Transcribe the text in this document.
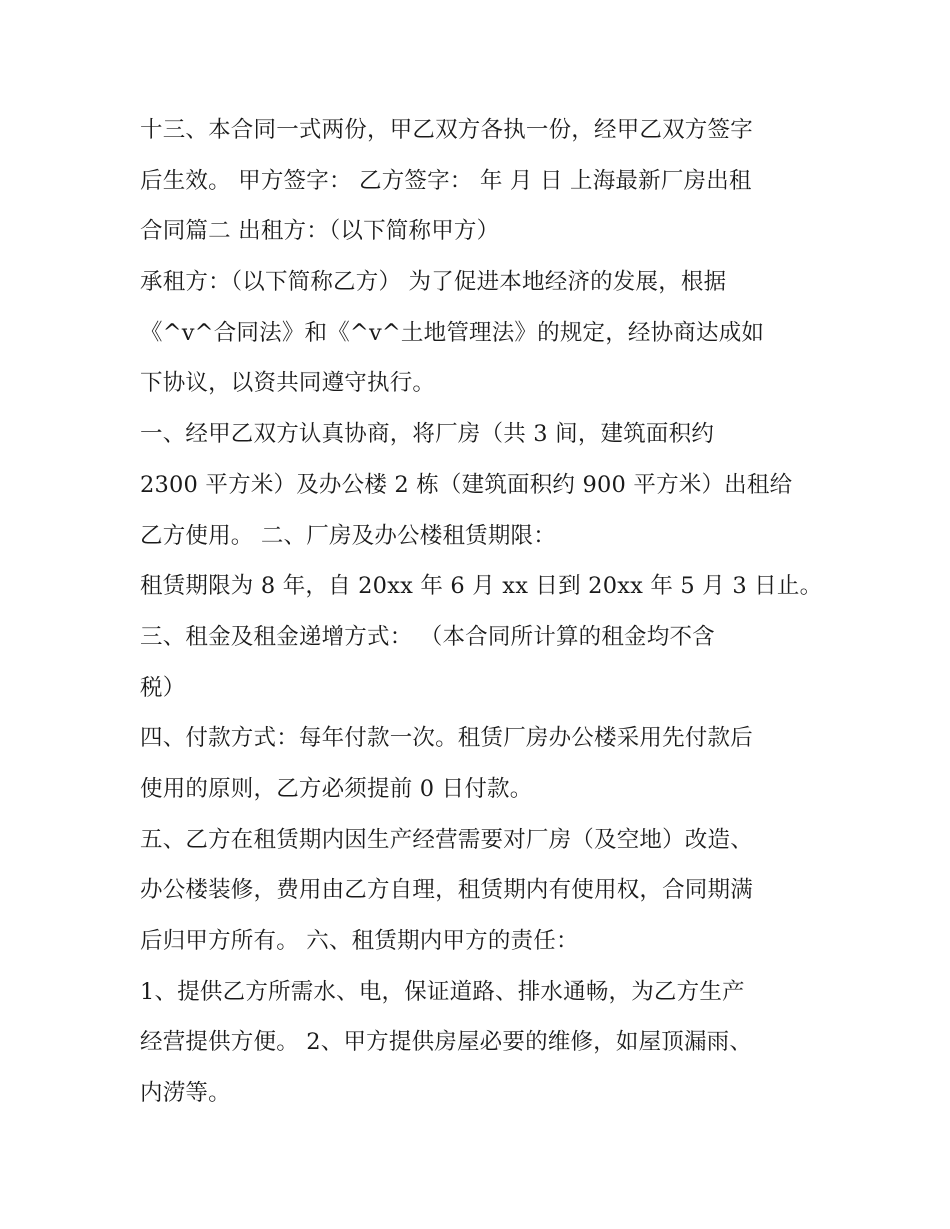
十三、本合同一式两份，甲乙双方各执一份，经甲乙双方签字
后生效。 甲方签字： 乙方签字： 年 月 日 上海最新厂房出租
合同篇二 出租方：（以下简称甲方）
承租方：（以下简称乙方） 为了促进本地经济的发展，根据
《^v^合同法》和《^v^土地管理法》的规定，经协商达成如
下协议，以资共同遵守执行。
一、经甲乙双方认真协商，将厂房（共 3 间，建筑面积约
2300 平方米）及办公楼 2 栋（建筑面积约 900 平方米）出租给
乙方使用。 二、厂房及办公楼租赁期限：
租赁期限为 8 年，自 20xx 年 6 月 xx 日到 20xx 年 5 月 3 日止。
三、租金及租金递增方式： （本合同所计算的租金均不含
税）
四、付款方式：每年付款一次。租赁厂房办公楼采用先付款后
使用的原则，乙方必须提前 0 日付款。
五、乙方在租赁期内因生产经营需要对厂房（及空地）改造、
办公楼装修，费用由乙方自理，租赁期内有使用权，合同期满
后归甲方所有。 六、租赁期内甲方的责任：
1、提供乙方所需水、电，保证道路、排水通畅，为乙方生产
经营提供方便。 2、甲方提供房屋必要的维修，如屋顶漏雨、
内涝等。
